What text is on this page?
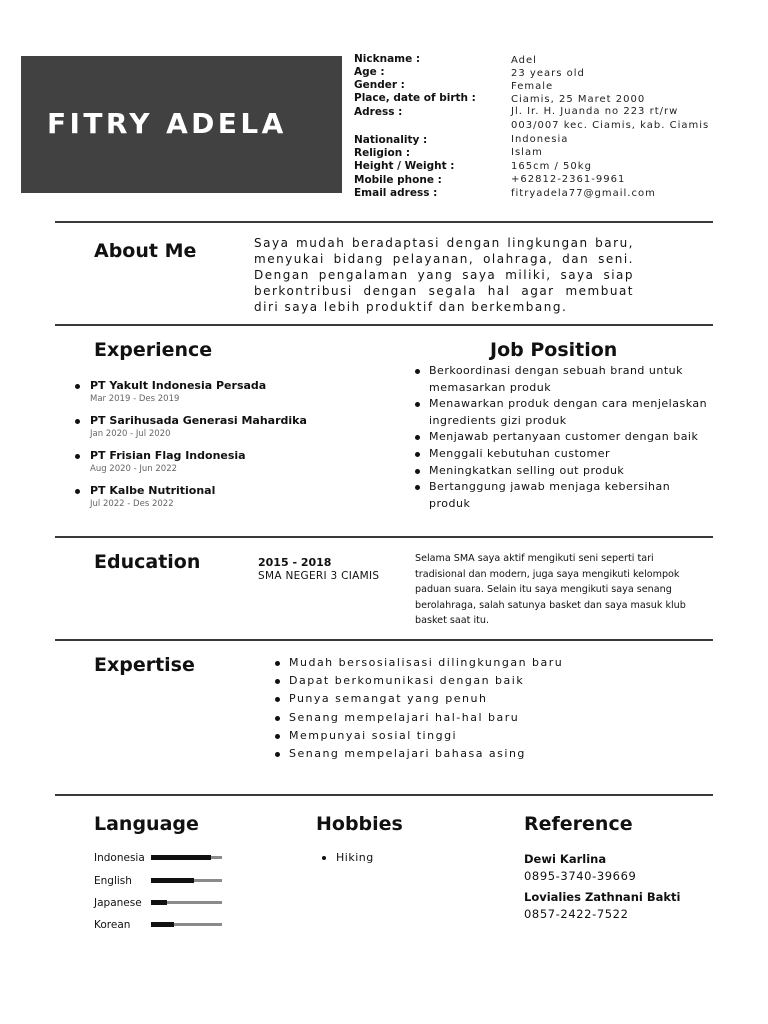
FITRY ADELA
Nickname :	Adel
Age :	23 years old
Gender :	Female
Place, date of birth :	Ciamis, 25 Maret 2000
Adress :	Jl. Ir. H. Juanda no 223 rt/rw
003/007 kec. Ciamis, kab. Ciamis
Nationality :	Indonesia
Religion :	Islam
Height / Weight :	165cm / 50kg
Mobile phone :	+62812-2361-9961
Email adress :	fitryadela77@gmail.com
About Me	Saya mudah beradaptasi dengan lingkungan baru, menyukai bidang pelayanan, olahraga, dan seni. Dengan pengalaman yang saya miliki, saya siap berkontribusi dengan segala hal agar membuat diri saya lebih produktif dan berkembang.
Experience
PT Yakult Indonesia Persada
Mar 2019 - Des 2019
PT Sarihusada Generasi Mahardika
Jan 2020 - Jul 2020
PT Frisian Flag Indonesia
Aug 2020 - Jun 2022
PT Kalbe Nutritional
Jul 2022 - Des 2022
Job Position
Berkoordinasi dengan sebuah brand untuk memasarkan produk
Menawarkan produk dengan cara menjelaskan ingredients gizi produk
Menjawab pertanyaan customer dengan baik
Menggali kebutuhan customer
Meningkatkan selling out produk
Bertanggung jawab menjaga kebersihan produk
Education	2015 - 2018
SMA NEGERI 3 CIAMIS
Selama SMA saya aktif mengikuti seni seperti tari tradisional dan modern, juga saya mengikuti kelompok paduan suara. Selain itu saya mengikuti saya senang berolahraga, salah satunya basket dan saya masuk klub basket saat itu.
Expertise	Mudah bersosialisasi dilingkungan baru
Dapat berkomunikasi dengan baik
Punya semangat yang penuh
Senang mempelajari hal-hal baru
Mempunyai sosial tinggi
Senang mempelajari bahasa asing
Language
Indonesia
English
Japanese
Korean
Hobbies
Hiking
Reference
Dewi Karlina
0895-3740-39669
Lovialies Zathnani Bakti
0857-2422-7522
